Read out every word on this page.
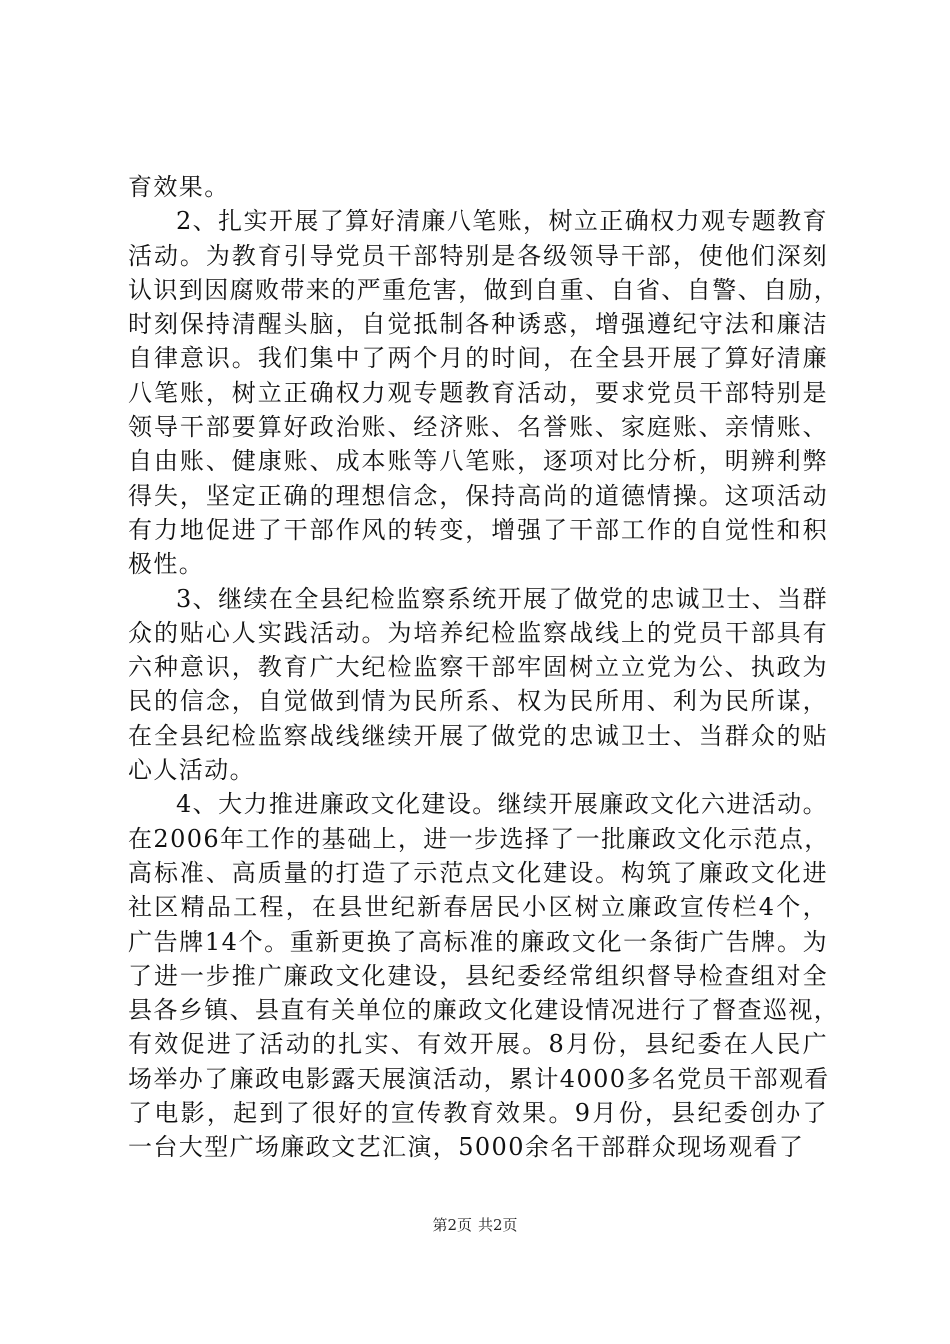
育效果。
2、扎实开展了算好清廉八笔账，树立正确权力观专题教育
活动。为教育引导党员干部特别是各级领导干部，使他们深刻
认识到因腐败带来的严重危害，做到自重、自省、自警、自励，
时刻保持清醒头脑，自觉抵制各种诱惑，增强遵纪守法和廉洁
自律意识。我们集中了两个月的时间，在全县开展了算好清廉
八笔账，树立正确权力观专题教育活动，要求党员干部特别是
领导干部要算好政治账、经济账、名誉账、家庭账、亲情账、
自由账、健康账、成本账等八笔账，逐项对比分析，明辨利弊
得失，坚定正确的理想信念，保持高尚的道德情操。这项活动
有力地促进了干部作风的转变，增强了干部工作的自觉性和积
极性。
3、继续在全县纪检监察系统开展了做党的忠诚卫士、当群
众的贴心人实践活动。为培养纪检监察战线上的党员干部具有
六种意识，教育广大纪检监察干部牢固树立立党为公、执政为
民的信念，自觉做到情为民所系、权为民所用、利为民所谋，
在全县纪检监察战线继续开展了做党的忠诚卫士、当群众的贴
心人活动。
4、大力推进廉政文化建设。继续开展廉政文化六进活动。
在2006年工作的基础上，进一步选择了一批廉政文化示范点，
高标准、高质量的打造了示范点文化建设。构筑了廉政文化进
社区精品工程，在县世纪新春居民小区树立廉政宣传栏4个，
广告牌14个。重新更换了高标准的廉政文化一条街广告牌。为
了进一步推广廉政文化建设，县纪委经常组织督导检查组对全
县各乡镇、县直有关单位的廉政文化建设情况进行了督查巡视，
有效促进了活动的扎实、有效开展。8月份，县纪委在人民广
场举办了廉政电影露天展演活动，累计4000多名党员干部观看
了电影，起到了很好的宣传教育效果。9月份，县纪委创办了
一台大型广场廉政文艺汇演，5000余名干部群众现场观看了
第2页 共2页
